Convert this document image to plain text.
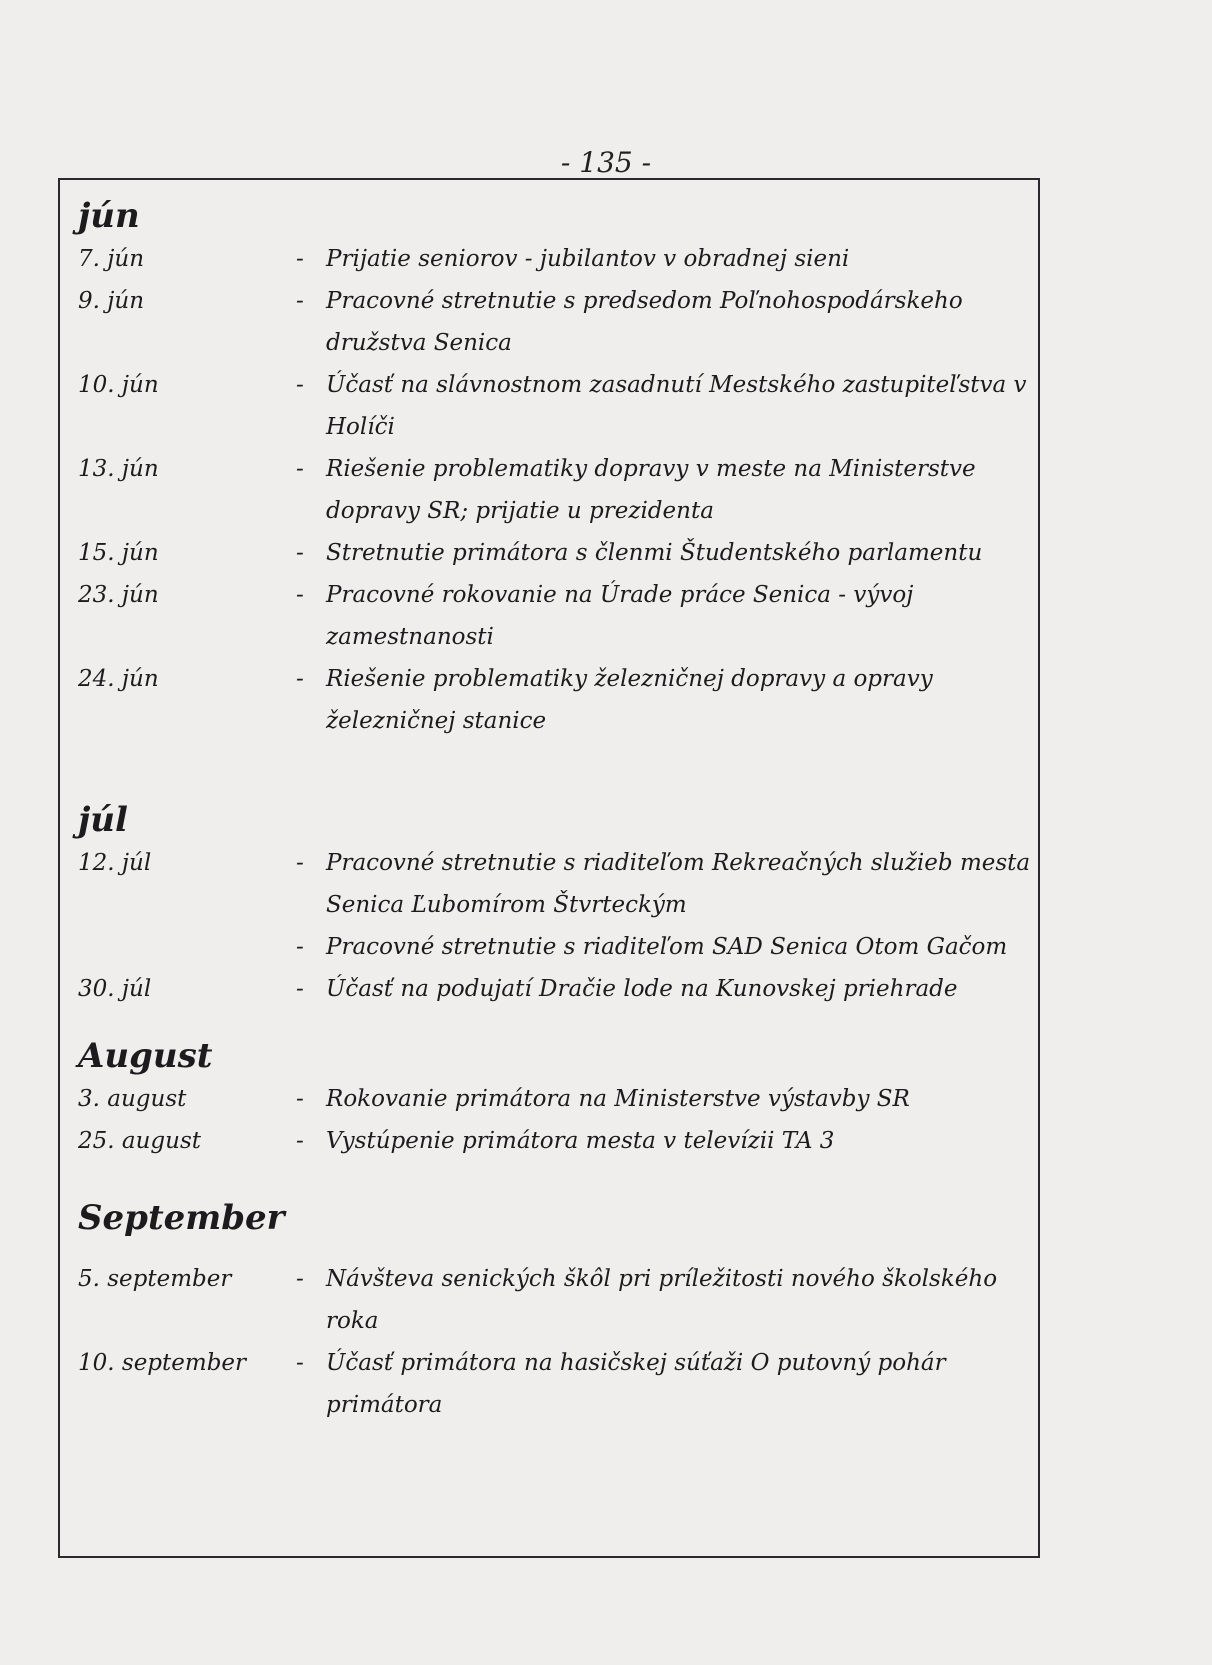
- 135 -
jún
7. jún	- Prijatie seniorov - jubilantov v obradnej sieni
9. jún	- Pracovné stretnutie s predsedom Poľnohospodárskeho družstva Senica
10. jún	- Účasť na slávnostnom zasadnutí Mestského zastupiteľstva v Holíči
13. jún	- Riešenie problematiky dopravy v meste na Ministerstve dopravy SR; prijatie u prezidenta
15. jún	- Stretnutie primátora s členmi Študentského parlamentu
23. jún	- Pracovné rokovanie na Úrade práce Senica - vývoj zamestnanosti
24. jún	- Riešenie problematiky železničnej dopravy a opravy železničnej stanice
júl
12. júl	- Pracovné stretnutie s riaditeľom Rekreačných služieb mesta Senica Ľubomírom Štvrteckým
- Pracovné stretnutie s riaditeľom SAD Senica Otom Gačom
30. júl	- Účasť na podujatí Dračie lode na Kunovskej priehrade
August
3. august	- Rokovanie primátora na Ministerstve výstavby SR
25. august	- Vystúpenie primátora mesta v televízii TA 3
September
5. september	- Návšteva senických škôl pri príležitosti nového školského roka
10. september	- Účasť primátora na hasičskej súťaži O putovný pohár primátora
